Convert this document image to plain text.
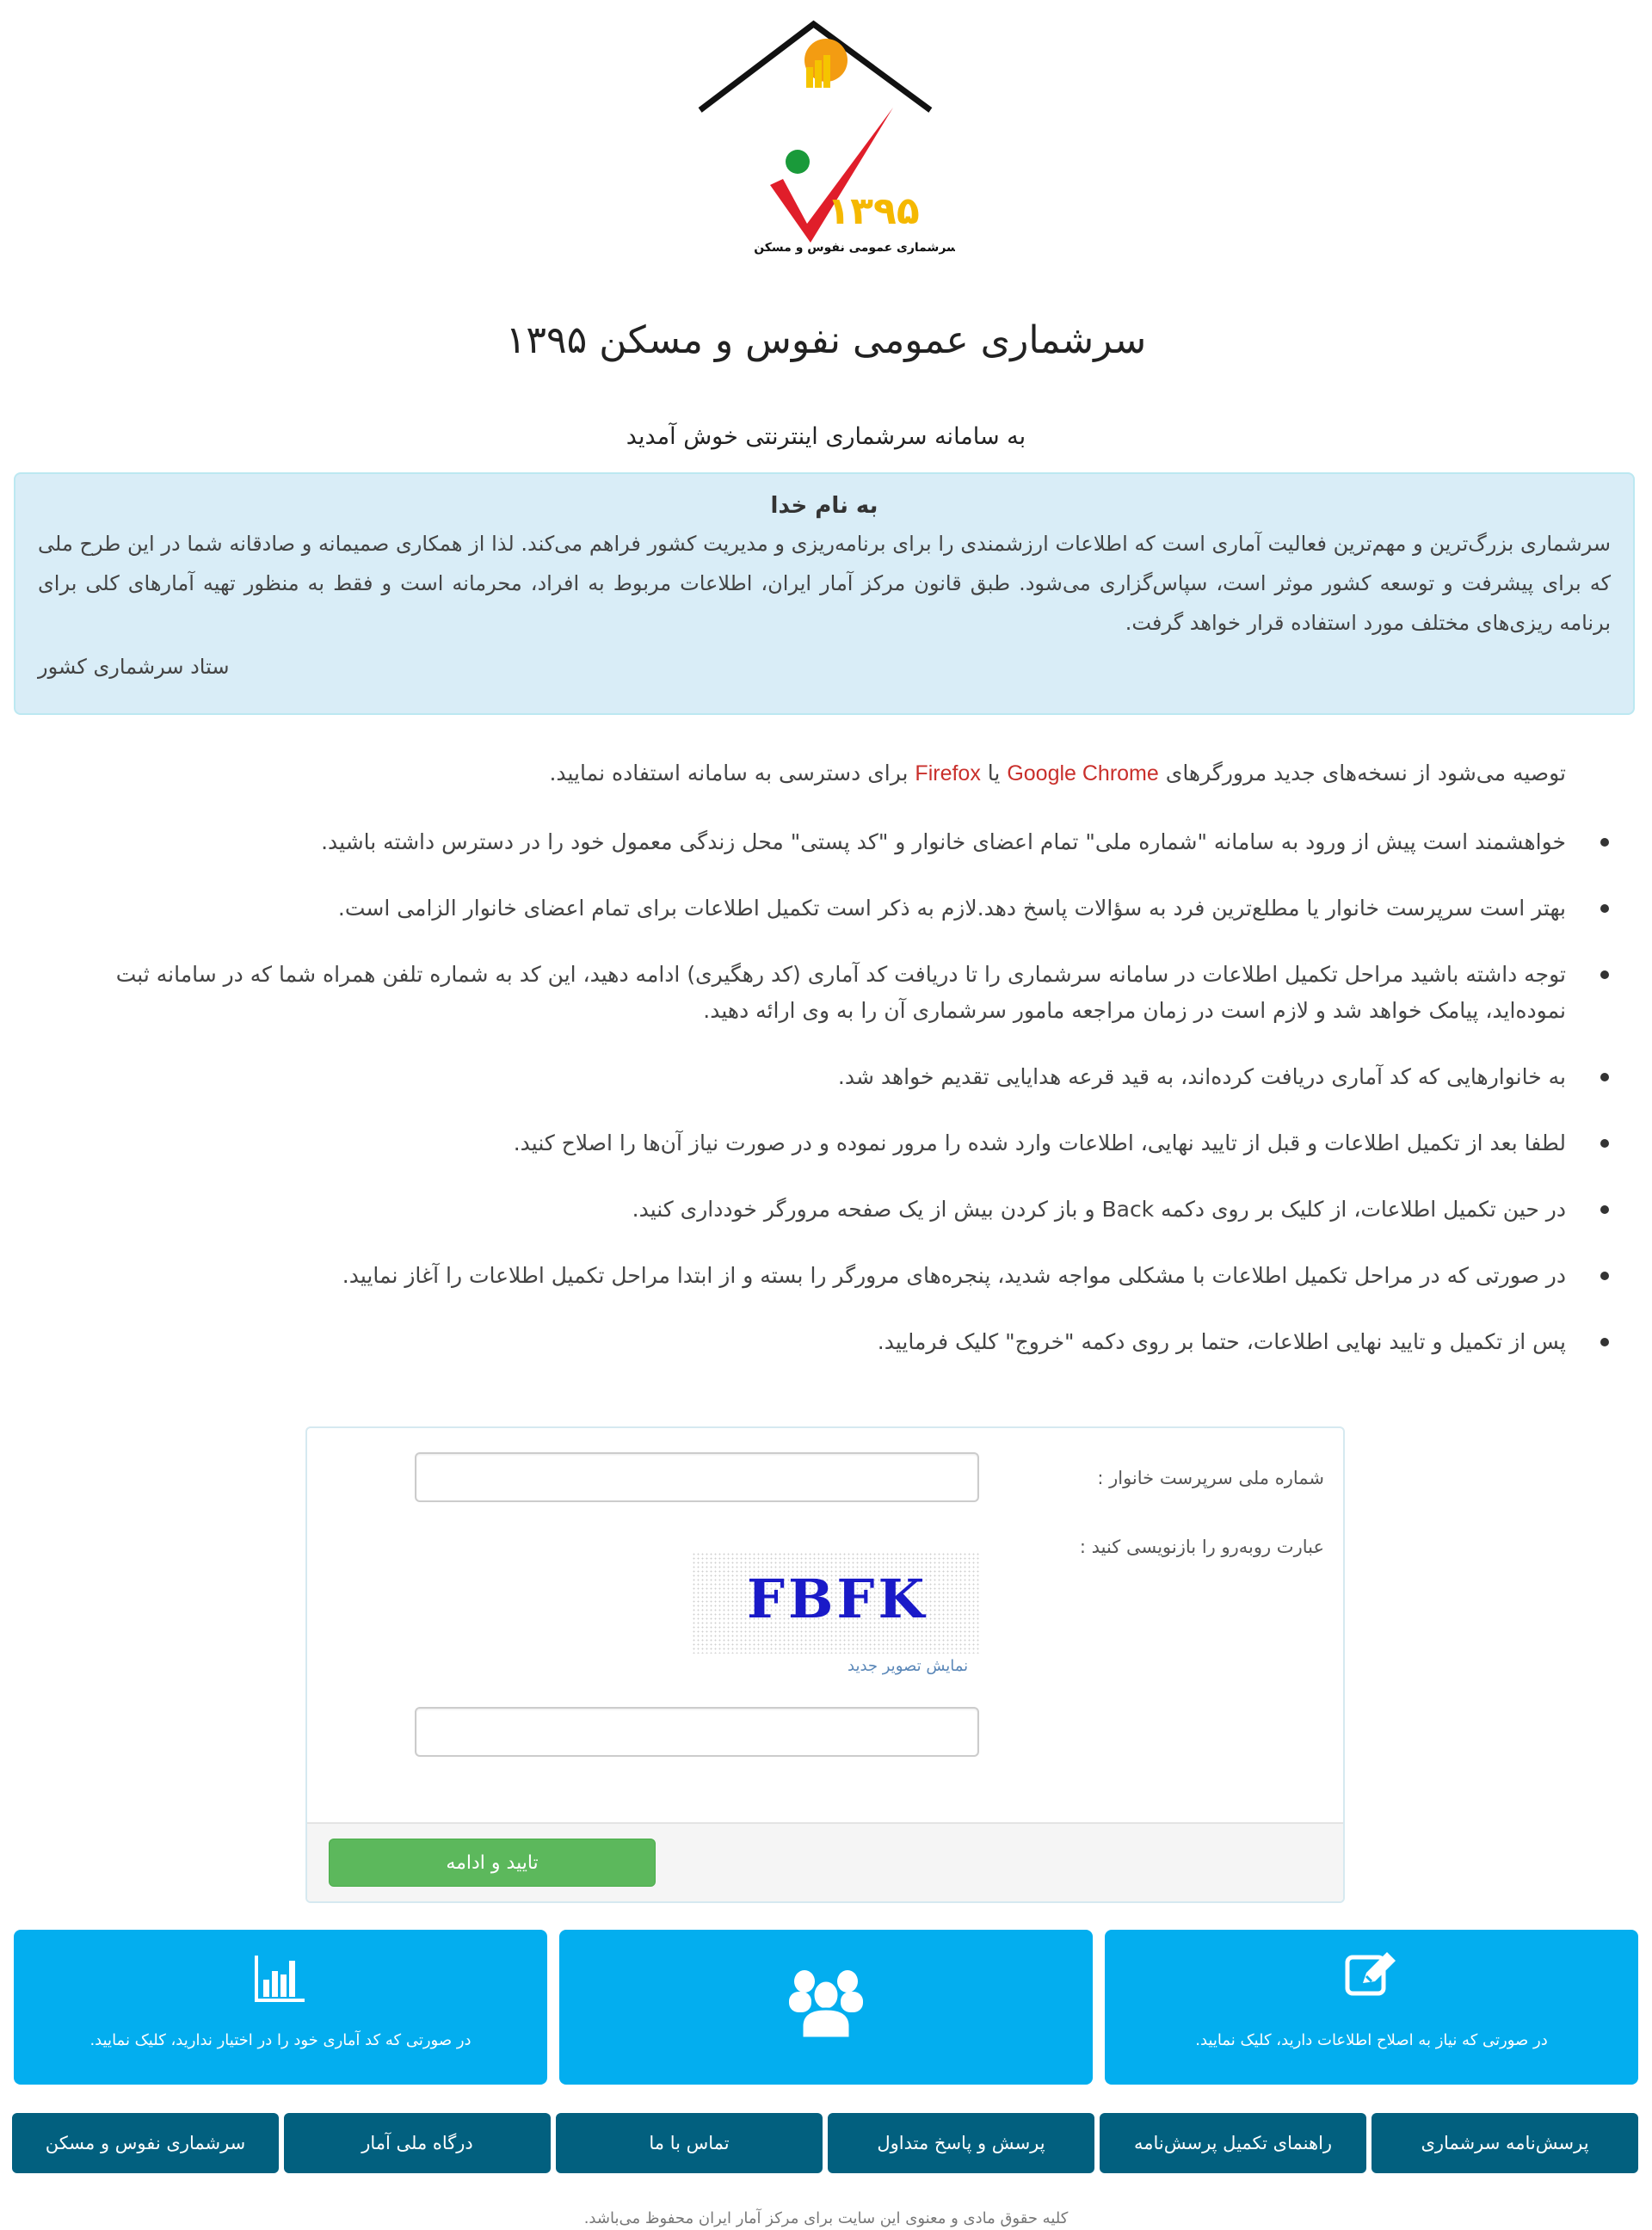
۱۳۹۵
سرشماری عمومی نفوس و مسکن
سرشماری عمومی نفوس و مسکن ۱۳۹۵
به سامانه سرشماری اینترنتی خوش آمدید
به نام خدا
سرشماری بزرگ‌ترین و مهم‌ترین فعالیت آماری است که اطلاعات ارزشمندی را برای برنامه‌ریزی و مدیریت کشور فراهم می‌کند. لذا از همکاری صمیمانه و صادقانه شما در این طرح ملی که برای پیشرفت و توسعه کشور موثر است، سپاس‌گزاری می‌شود. طبق قانون مرکز آمار ایران، اطلاعات مربوط به افراد، محرمانه است و فقط به منظور تهیه آمارهای کلی برای برنامه ریزی‌های مختلف مورد استفاده قرار خواهد گرفت.
ستاد سرشماری کشور
توصیه می‌شود از نسخه‌های جدید مرورگرهای Google Chrome یا Firefox برای دسترسی به سامانه استفاده نمایید.
خواهشمند است پیش از ورود به سامانه "شماره ملی" تمام اعضای خانوار و "کد پستی" محل زندگی معمول خود را در دسترس داشته باشید.
بهتر است سرپرست خانوار یا مطلع‌ترین فرد به سؤالات پاسخ دهد.لازم به ذکر است تکمیل اطلاعات برای تمام اعضای خانوار الزامی است.
توجه داشته باشید مراحل تکمیل اطلاعات در سامانه سرشماری را تا دریافت کد آماری (کد رهگیری) ادامه دهید، این کد به شماره تلفن همراه شما که در سامانه ثبت نموده‌اید، پیامک خواهد شد و لازم است در زمان مراجعه مامور سرشماری آن را به وی ارائه دهید.
به خانوارهایی که کد آماری دریافت کرده‌اند، به قید قرعه هدایایی تقدیم خواهد شد.
لطفا بعد از تکمیل اطلاعات و قبل از تایید نهایی، اطلاعات وارد شده را مرور نموده و در صورت نیاز آن‌ها را اصلاح کنید.
در حین تکمیل اطلاعات، از کلیک بر روی دکمه Back و باز کردن بیش از یک صفحه مرورگر خودداری کنید.
در صورتی که در مراحل تکمیل اطلاعات با مشکلی مواجه شدید، پنجره‌های مرورگر را بسته و از ابتدا مراحل تکمیل اطلاعات را آغاز نمایید.
پس از تکمیل و تایید نهایی اطلاعات، حتما بر روی دکمه "خروج" کلیک فرمایید.
شماره ملی سرپرست خانوار :
عبارت روبه‌رو را بازنویسی کنید :
FBFK
نمایش تصویر جدید
تایید و ادامه
در صورتی که نیاز به اصلاح اطلاعات دارید، کلیک نمایید.
در صورتی که کد آماری خود را در اختیار ندارید، کلیک نمایید.
پرسش‌نامه سرشماری
راهنمای تکمیل پرسش‌نامه
پرسش و پاسخ متداول
تماس با ما
درگاه ملی آمار
سرشماری نفوس و مسکن
کلیه حقوق مادی و معنوی این سایت برای مرکز آمار ایران محفوظ می‌باشد.
